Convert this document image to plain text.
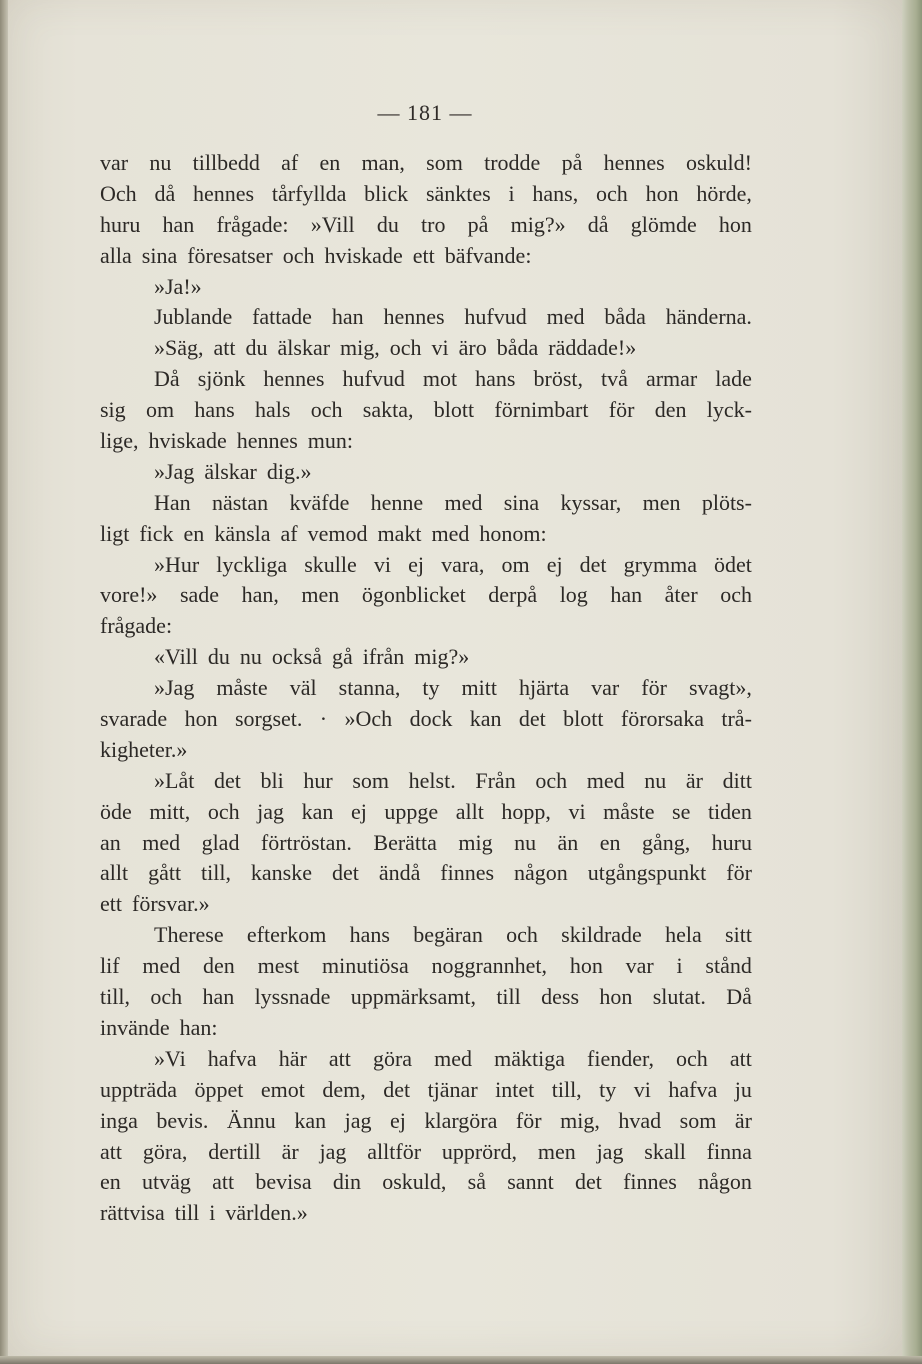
— 181 —
var nu tillbedd af en man, som trodde på hennes oskuld!
Och då hennes tårfyllda blick sänktes i hans, och hon hörde,
huru han frågade: »Vill du tro på mig?» då glömde hon
alla sina föresatser och hviskade ett bäfvande:
»Ja!»
Jublande fattade han hennes hufvud med båda händerna.
»Säg, att du älskar mig, och vi äro båda räddade!»
Då sjönk hennes hufvud mot hans bröst, två armar lade
sig om hans hals och sakta, blott förnimbart för den lyck-
lige, hviskade hennes mun:
»Jag älskar dig.»
Han nästan kväfde henne med sina kyssar, men plöts-
ligt fick en känsla af vemod makt med honom:
»Hur lyckliga skulle vi ej vara, om ej det grymma ödet
vore!» sade han, men ögonblicket derpå log han åter och
frågade:
«Vill du nu också gå ifrån mig?»
»Jag måste väl stanna, ty mitt hjärta var för svagt»,
svarade hon sorgset. · »Och dock kan det blott förorsaka trå-
kigheter.»
»Låt det bli hur som helst. Från och med nu är ditt
öde mitt, och jag kan ej uppge allt hopp, vi måste se tiden
an med glad förtröstan. Berätta mig nu än en gång, huru
allt gått till, kanske det ändå finnes någon utgångspunkt för
ett försvar.»
Therese efterkom hans begäran och skildrade hela sitt
lif med den mest minutiösa noggrannhet, hon var i stånd
till, och han lyssnade uppmärksamt, till dess hon slutat. Då
invände han:
»Vi hafva här att göra med mäktiga fiender, och att
uppträda öppet emot dem, det tjänar intet till, ty vi hafva ju
inga bevis. Ännu kan jag ej klargöra för mig, hvad som är
att göra, dertill är jag alltför upprörd, men jag skall finna
en utväg att bevisa din oskuld, så sannt det finnes någon
rättvisa till i världen.»
